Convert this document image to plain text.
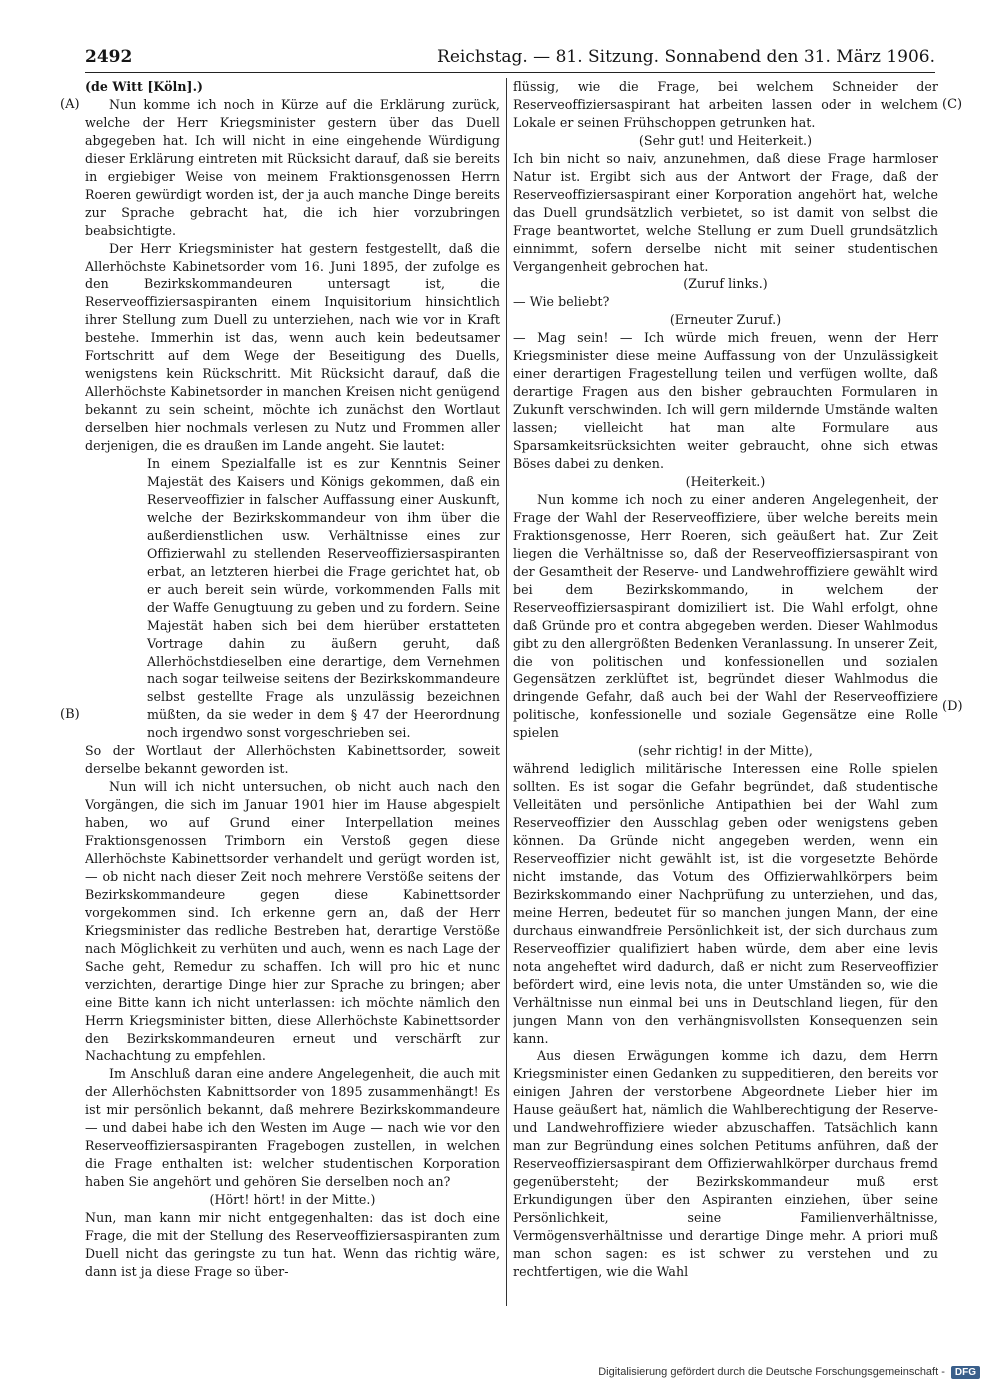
2492	Reichstag. — 81. Sitzung. Sonnabend den 31. März 1906.
(A)
(B)
(C)
(D)

(de Witt [Köln].)

Nun komme ich noch in Kürze auf die Erklärung zurück, welche der Herr Kriegsminister gestern über das Duell abgegeben hat. Ich will nicht in eine eingehende Würdigung dieser Erklärung eintreten mit Rücksicht darauf, daß sie bereits in ergiebiger Weise von meinem Fraktionsgenossen Herrn Roeren gewürdigt worden ist, der ja auch manche Dinge bereits zur Sprache gebracht hat, die ich hier vorzubringen beabsichtigte.

Der Herr Kriegsminister hat gestern festgestellt, daß die Allerhöchste Kabinetsorder vom 16. Juni 1895, der zufolge es den Bezirkskommandeuren untersagt ist, die Reserveoffiziersaspiranten einem Inquisitorium hinsichtlich ihrer Stellung zum Duell zu unterziehen, nach wie vor in Kraft bestehe. Immerhin ist das, wenn auch kein bedeutsamer Fortschritt auf dem Wege der Beseitigung des Duells, wenigstens kein Rückschritt. Mit Rücksicht darauf, daß die Allerhöchste Kabinetsorder in manchen Kreisen nicht genügend bekannt zu sein scheint, möchte ich zunächst den Wortlaut derselben hier nochmals verlesen zu Nutz und Frommen aller derjenigen, die es draußen im Lande angeht. Sie lautet:

In einem Spezialfalle ist es zur Kenntnis Seiner Majestät des Kaisers und Königs gekommen, daß ein Reserveoffizier in falscher Auffassung einer Auskunft, welche der Bezirkskommandeur von ihm über die außerdienstlichen usw. Verhältnisse eines zur Offizierwahl zu stellenden Reserveoffiziersaspiranten erbat, an letzteren hierbei die Frage gerichtet hat, ob er auch bereit sein würde, vorkommenden Falls mit der Waffe Genugtuung zu geben und zu fordern. Seine Majestät haben sich bei dem hierüber erstatteten Vortrage dahin zu äußern geruht, daß Allerhöchstdieselben eine derartige, dem Vernehmen nach sogar teilweise seitens der Bezirkskommandeure selbst gestellte Frage als unzulässig bezeichnen müßten, da sie weder in dem § 47 der Heerordnung noch irgendwo sonst vorgeschrieben sei.

So der Wortlaut der Allerhöchsten Kabinettsorder, soweit derselbe bekannt geworden ist.

Nun will ich nicht untersuchen, ob nicht auch nach den Vorgängen, die sich im Januar 1901 hier im Hause abgespielt haben, wo auf Grund einer Interpellation meines Fraktionsgenossen Trimborn ein Verstoß gegen diese Allerhöchste Kabinettsorder verhandelt und gerügt worden ist, — ob nicht nach dieser Zeit noch mehrere Verstöße seitens der Bezirkskommandeure gegen diese Kabinettsorder vorgekommen sind. Ich erkenne gern an, daß der Herr Kriegsminister das redliche Bestreben hat, derartige Verstöße nach Möglichkeit zu verhüten und auch, wenn es nach Lage der Sache geht, Remedur zu schaffen. Ich will pro hic et nunc verzichten, derartige Dinge hier zur Sprache zu bringen; aber eine Bitte kann ich nicht unterlassen: ich möchte nämlich den Herrn Kriegsminister bitten, diese Allerhöchste Kabinettsorder den Bezirkskommandeuren erneut und verschärft zur Nachachtung zu empfehlen.

Im Anschluß daran eine andere Angelegenheit, die auch mit der Allerhöchsten Kabnittsorder von 1895 zusammenhängt! Es ist mir persönlich bekannt, daß mehrere Bezirkskommandeure — und dabei habe ich den Westen im Auge — nach wie vor den Reserveoffiziersaspiranten Fragebogen zustellen, in welchen die Frage enthalten ist: welcher studentischen Korporation haben Sie angehört und gehören Sie derselben noch an?

(Hört! hört! in der Mitte.)

Nun, man kann mir nicht entgegenhalten: das ist doch eine Frage, die mit der Stellung des Reserveoffiziersaspiranten zum Duell nicht das geringste zu tun hat. Wenn das richtig wäre, dann ist ja diese Frage so über-

flüssig, wie die Frage, bei welchem Schneider der Reserveoffiziersaspirant hat arbeiten lassen oder in welchem Lokale er seinen Frühschoppen getrunken hat.

(Sehr gut! und Heiterkeit.)

Ich bin nicht so naiv, anzunehmen, daß diese Frage harmloser Natur ist. Ergibt sich aus der Antwort der Frage, daß der Reserveoffiziersaspirant einer Korporation angehört hat, welche das Duell grundsätzlich verbietet, so ist damit von selbst die Frage beantwortet, welche Stellung er zum Duell grundsätzlich einnimmt, sofern derselbe nicht mit seiner studentischen Vergangenheit gebrochen hat.

(Zuruf links.)

— Wie beliebt?

(Erneuter Zuruf.)

— Mag sein! — Ich würde mich freuen, wenn der Herr Kriegsminister diese meine Auffassung von der Unzulässigkeit einer derartigen Fragestellung teilen und verfügen wollte, daß derartige Fragen aus den bisher gebrauchten Formularen in Zukunft verschwinden. Ich will gern mildernde Umstände walten lassen; vielleicht hat man alte Formulare aus Sparsamkeitsrücksichten weiter gebraucht, ohne sich etwas Böses dabei zu denken.

(Heiterkeit.)

Nun komme ich noch zu einer anderen Angelegenheit, der Frage der Wahl der Reserveoffiziere, über welche bereits mein Fraktionsgenosse, Herr Roeren, sich geäußert hat. Zur Zeit liegen die Verhältnisse so, daß der Reserveoffiziersaspirant von der Gesamtheit der Reserve- und Landwehroffiziere gewählt wird bei dem Bezirkskommando, in welchem der Reserveoffiziersaspirant domiziliert ist. Die Wahl erfolgt, ohne daß Gründe pro et contra abgegeben werden. Dieser Wahlmodus gibt zu den allergrößten Bedenken Veranlassung. In unserer Zeit, die von politischen und konfessionellen und sozialen Gegensätzen zerklüftet ist, begründet dieser Wahlmodus die dringende Gefahr, daß auch bei der Wahl der Reserveoffiziere politische, konfessionelle und soziale Gegensätze eine Rolle spielen

(sehr richtig! in der Mitte),

während lediglich militärische Interessen eine Rolle spielen sollten. Es ist sogar die Gefahr begründet, daß studentische Velleitäten und persönliche Antipathien bei der Wahl zum Reserveoffizier den Ausschlag geben oder wenigstens geben können. Da Gründe nicht angegeben werden, wenn ein Reserveoffizier nicht gewählt ist, ist die vorgesetzte Behörde nicht imstande, das Votum des Offizierwahlkörpers beim Bezirkskommando einer Nachprüfung zu unterziehen, und das, meine Herren, bedeutet für so manchen jungen Mann, der eine durchaus einwandfreie Persönlichkeit ist, der sich durchaus zum Reserveoffizier qualifiziert haben würde, dem aber eine levis nota angeheftet wird dadurch, daß er nicht zum Reserveoffizier befördert wird, eine levis nota, die unter Umständen so, wie die Verhältnisse nun einmal bei uns in Deutschland liegen, für den jungen Mann von den verhängnisvollsten Konsequenzen sein kann.

Aus diesen Erwägungen komme ich dazu, dem Herrn Kriegsminister einen Gedanken zu suppeditieren, den bereits vor einigen Jahren der verstorbene Abgeordnete Lieber hier im Hause geäußert hat, nämlich die Wahlberechtigung der Reserve- und Landwehroffiziere wieder abzuschaffen. Tatsächlich kann man zur Begründung eines solchen Petitums anführen, daß der Reserveoffiziersaspirant dem Offizierwahlkörper durchaus fremd gegenübersteht; der Bezirkskommandeur muß erst Erkundigungen über den Aspiranten einziehen, über seine Persönlichkeit, seine Familienverhältnisse, Vermögensverhältnisse und derartige Dinge mehr. A priori muß man schon sagen: es ist schwer zu verstehen und zu rechtfertigen, wie die Wahl

Digitalisierung gefördert durch die Deutsche Forschungsgemeinschaft -	DFG
